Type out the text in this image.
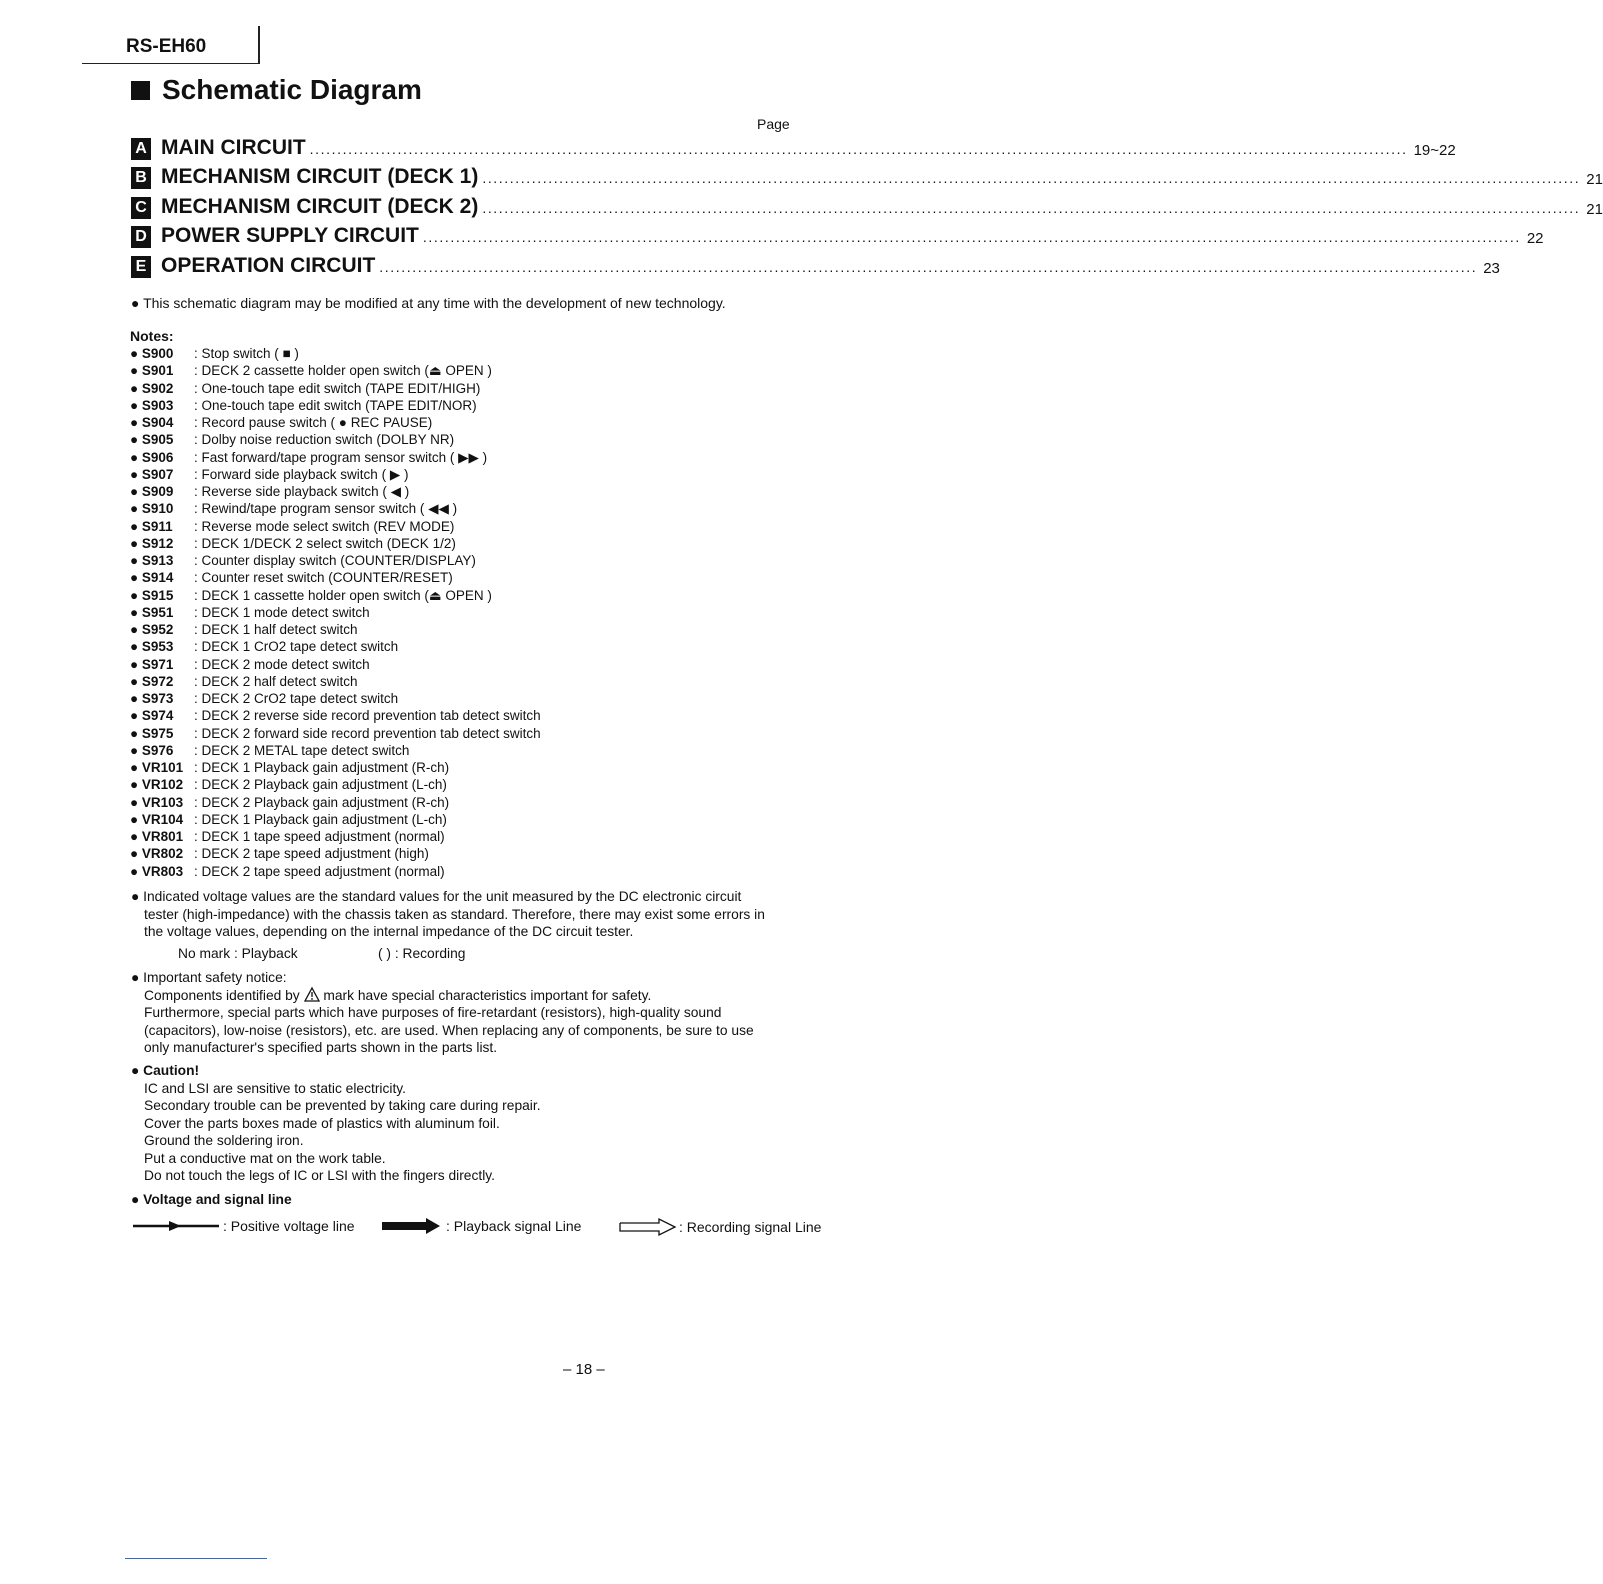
RS-EH60
Schematic Diagram
Page
A MAIN CIRCUIT ........................................................................................................................................................................................................ 19~22
B MECHANISM CIRCUIT (DECK 1) ........................................................................................................................................................................................................ 21
C MECHANISM CIRCUIT (DECK 2) ........................................................................................................................................................................................................ 21
D POWER SUPPLY CIRCUIT ........................................................................................................................................................................................................ 22
E OPERATION CIRCUIT ........................................................................................................................................................................................................ 23
● This schematic diagram may be modified at any time with the development of new technology.
Notes:
● S900	: Stop switch ( ■ )
● S901	: DECK 2 cassette holder open switch (⏏ OPEN )
● S902	: One-touch tape edit switch (TAPE EDIT/HIGH)
● S903	: One-touch tape edit switch (TAPE EDIT/NOR)
● S904	: Record pause switch ( ● REC PAUSE)
● S905	: Dolby noise reduction switch (DOLBY NR)
● S906	: Fast forward/tape program sensor switch ( ▶▶ )
● S907	: Forward side playback switch ( ▶ )
● S909	: Reverse side playback switch ( ◀ )
● S910	: Rewind/tape program sensor switch ( ◀◀ )
● S911	: Reverse mode select switch (REV MODE)
● S912	: DECK 1/DECK 2 select switch (DECK 1/2)
● S913	: Counter display switch (COUNTER/DISPLAY)
● S914	: Counter reset switch (COUNTER/RESET)
● S915	: DECK 1 cassette holder open switch (⏏ OPEN )
● S951	: DECK 1 mode detect switch
● S952	: DECK 1 half detect switch
● S953	: DECK 1 CrO2 tape detect switch
● S971	: DECK 2 mode detect switch
● S972	: DECK 2 half detect switch
● S973	: DECK 2 CrO2 tape detect switch
● S974	: DECK 2 reverse side record prevention tab detect switch
● S975	: DECK 2 forward side record prevention tab detect switch
● S976	: DECK 2 METAL tape detect switch
● VR101 : DECK 1 Playback gain adjustment (R-ch)
● VR102 : DECK 2 Playback gain adjustment (L-ch)
● VR103 : DECK 2 Playback gain adjustment (R-ch)
● VR104 : DECK 1 Playback gain adjustment (L-ch)
● VR801 : DECK 1 tape speed adjustment (normal)
● VR802 : DECK 2 tape speed adjustment (high)
● VR803 : DECK 2 tape speed adjustment (normal)
● Indicated voltage values are the standard values for the unit measured by the DC electronic circuit
tester (high-impedance) with the chassis taken as standard. Therefore, there may exist some errors in
the voltage values, depending on the internal impedance of the DC circuit tester.
No mark : Playback	( ) : Recording
● Important safety notice:
Components identified by mark have special characteristics important for safety.
Furthermore, special parts which have purposes of fire-retardant (resistors), high-quality sound
(capacitors), low-noise (resistors), etc. are used. When replacing any of components, be sure to use
only manufacturer's specified parts shown in the parts list.
● Caution!
IC and LSI are sensitive to static electricity.
Secondary trouble can be prevented by taking care during repair.
Cover the parts boxes made of plastics with aluminum foil.
Ground the soldering iron.
Put a conductive mat on the work table.
Do not touch the legs of IC or LSI with the fingers directly.
● Voltage and signal line
: Positive voltage line	: Playback signal Line	: Recording signal Line
– 18 –
